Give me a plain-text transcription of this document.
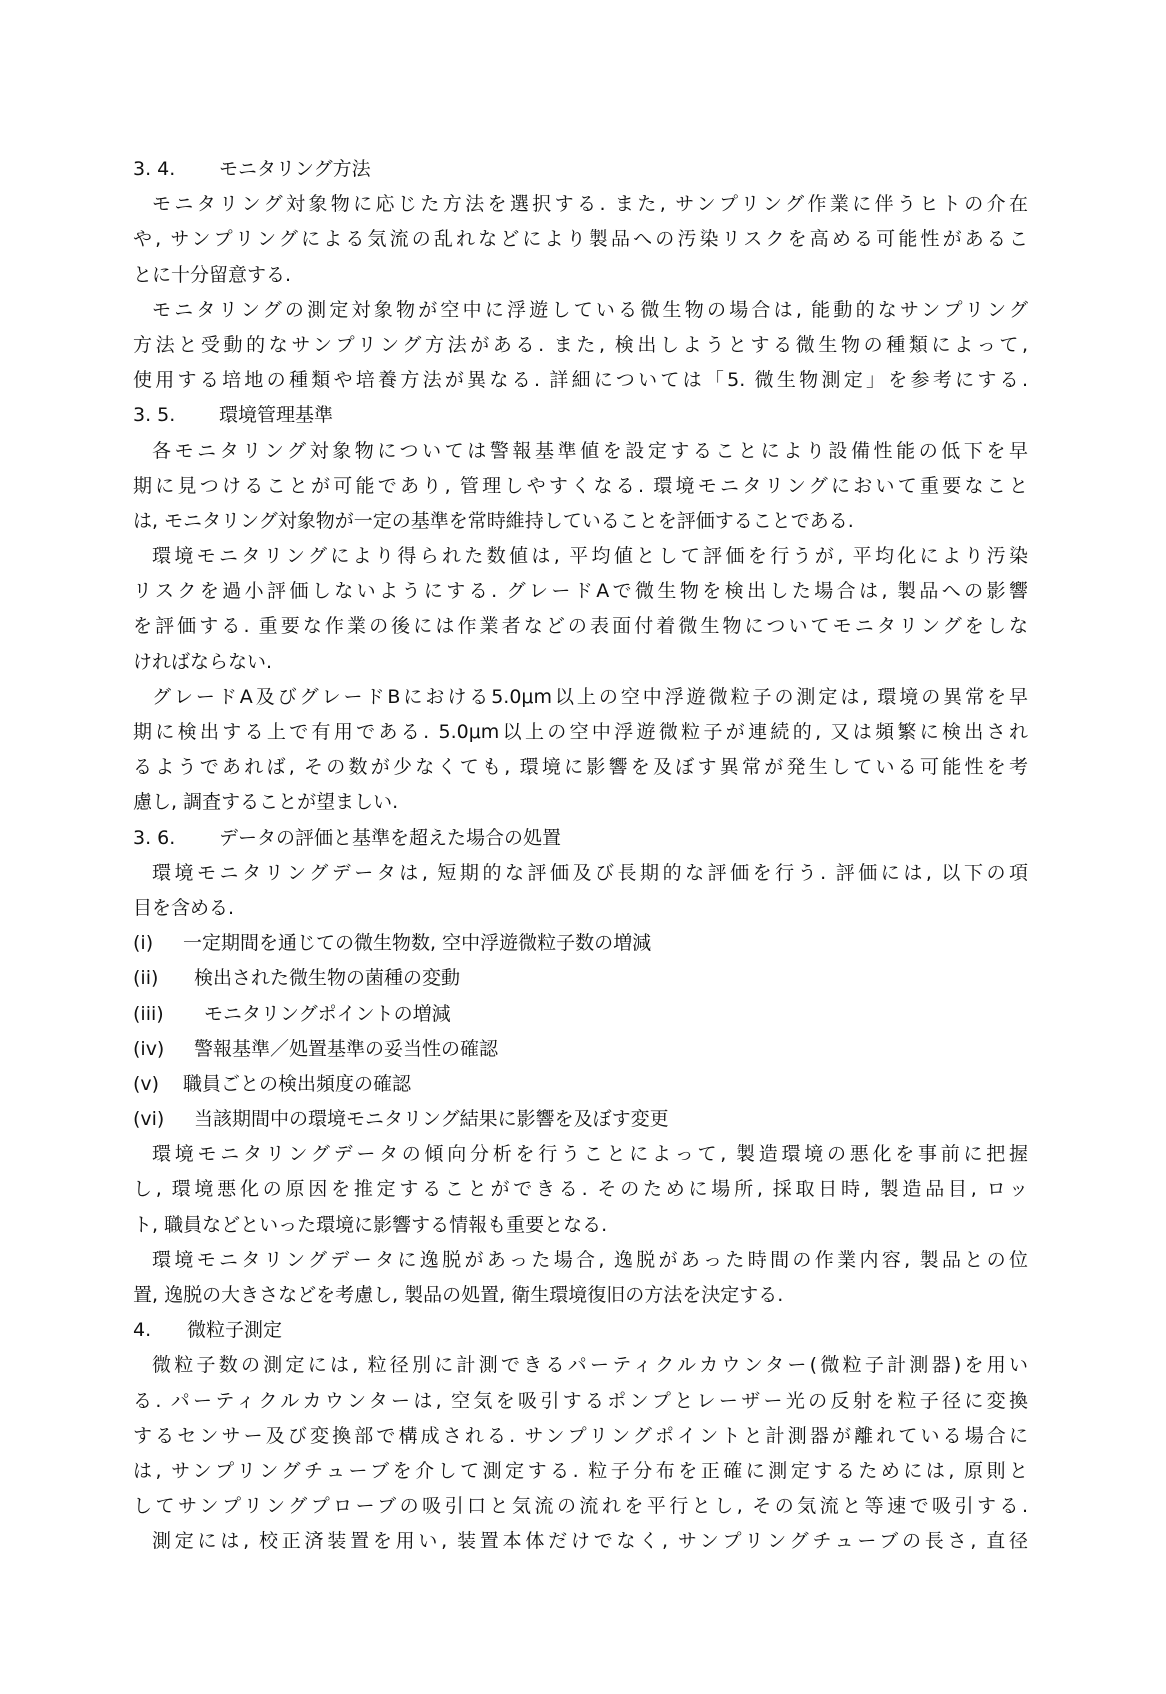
3. 4. モニタリング方法
モニタリング対象物に応じた方法を選択する. また, サンプリング作業に伴うヒトの介在
や, サンプリングによる気流の乱れなどにより製品への汚染リスクを高める可能性があるこ
とに十分留意する.
モニタリングの測定対象物が空中に浮遊している微生物の場合は, 能動的なサンプリング
方法と受動的なサンプリング方法がある. また, 検出しようとする微生物の種類によって,
使用する培地の種類や培養方法が異なる. 詳細については「5. 微生物測定」を参考にする.
3. 5. 環境管理基準
各モニタリング対象物については警報基準値を設定することにより設備性能の低下を早
期に見つけることが可能であり, 管理しやすくなる. 環境モニタリングにおいて重要なこと
は, モニタリング対象物が一定の基準を常時維持していることを評価することである.
環境モニタリングにより得られた数値は, 平均値として評価を行うが, 平均化により汚染
リスクを過小評価しないようにする. グレードAで微生物を検出した場合は, 製品への影響
を評価する. 重要な作業の後には作業者などの表面付着微生物についてモニタリングをしな
ければならない.
グレードA及びグレードBにおける5.0μm以上の空中浮遊微粒子の測定は, 環境の異常を早
期に検出する上で有用である. 5.0μm以上の空中浮遊微粒子が連続的, 又は頻繁に検出され
るようであれば, その数が少なくても, 環境に影響を及ぼす異常が発生している可能性を考
慮し, 調査することが望ましい.
3. 6. データの評価と基準を超えた場合の処置
環境モニタリングデータは, 短期的な評価及び長期的な評価を行う. 評価には, 以下の項
目を含める.
(i) 一定期間を通じての微生物数, 空中浮遊微粒子数の増減
(ii) 検出された微生物の菌種の変動
(iii) モニタリングポイントの増減
(iv) 警報基準／処置基準の妥当性の確認
(v) 職員ごとの検出頻度の確認
(vi) 当該期間中の環境モニタリング結果に影響を及ぼす変更
環境モニタリングデータの傾向分析を行うことによって, 製造環境の悪化を事前に把握
し, 環境悪化の原因を推定することができる. そのために場所, 採取日時, 製造品目, ロッ
ト, 職員などといった環境に影響する情報も重要となる.
環境モニタリングデータに逸脱があった場合, 逸脱があった時間の作業内容, 製品との位
置, 逸脱の大きさなどを考慮し, 製品の処置, 衛生環境復旧の方法を決定する.
4. 微粒子測定
微粒子数の測定には, 粒径別に計測できるパーティクルカウンター(微粒子計測器)を用い
る. パーティクルカウンターは, 空気を吸引するポンプとレーザー光の反射を粒子径に変換
するセンサー及び変換部で構成される. サンプリングポイントと計測器が離れている場合に
は, サンプリングチューブを介して測定する. 粒子分布を正確に測定するためには, 原則と
してサンプリングプローブの吸引口と気流の流れを平行とし, その気流と等速で吸引する.
測定には, 校正済装置を用い, 装置本体だけでなく, サンプリングチューブの長さ, 直径
